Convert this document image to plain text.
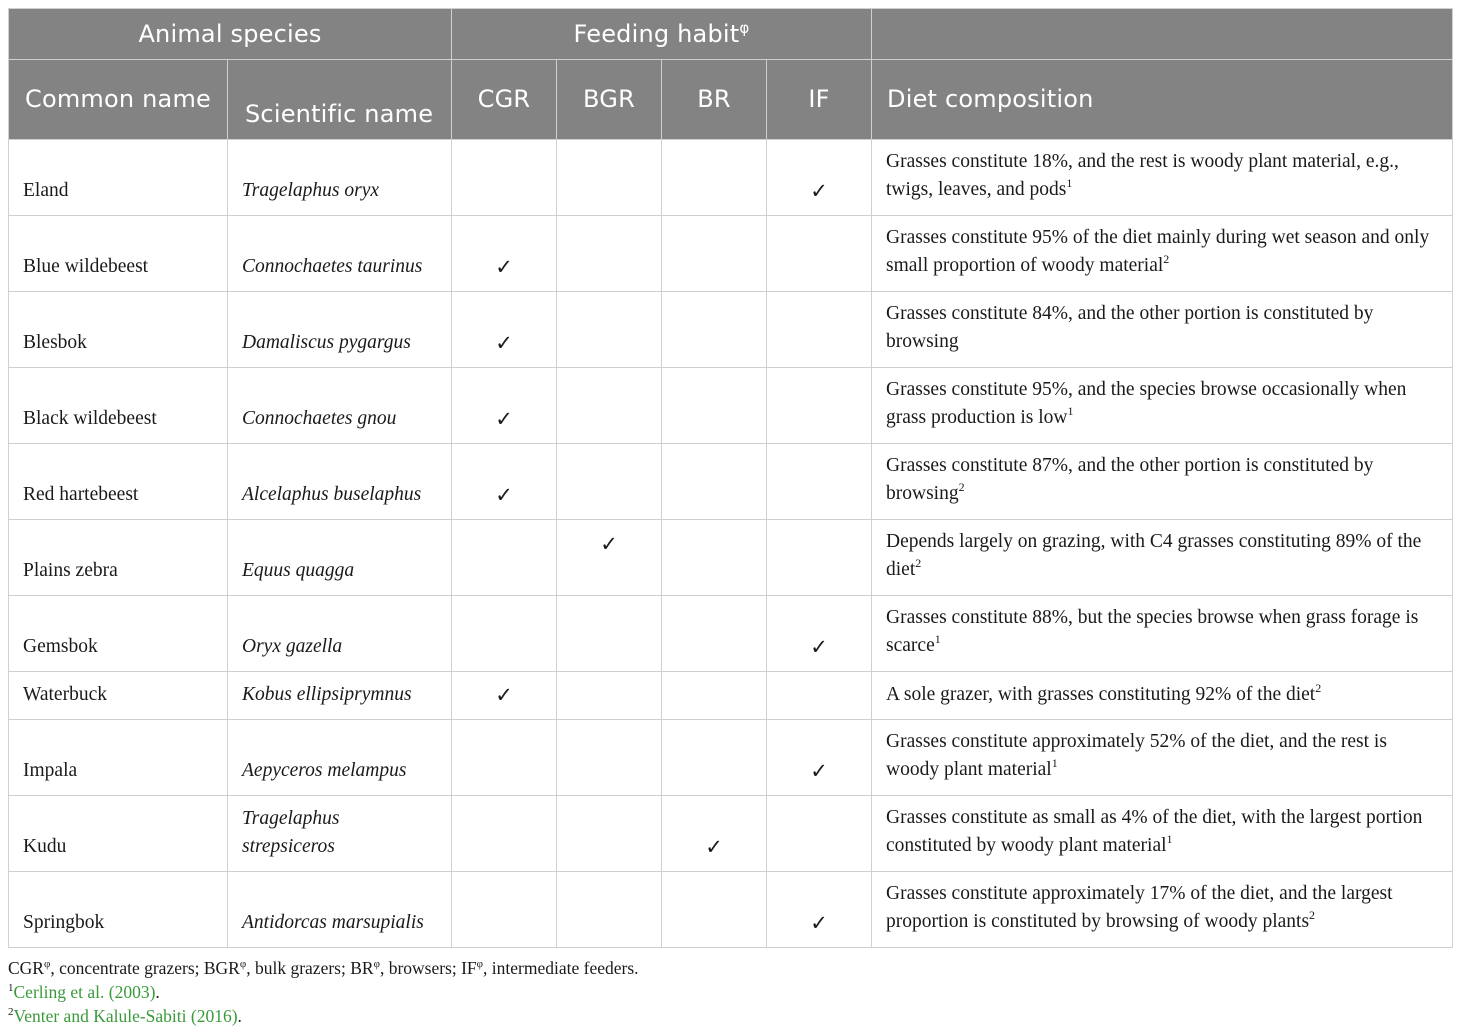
Animal species		Feeding habit$^\varphi$	
Common name	Scientific name	CGR	BGR	BR	IF	Diet composition
Eland	Tragelaphus oryx				✓	Grasses constitute 18%, and the rest is woody plant material, e.g., twigs, leaves, and pods$^1$
Blue wildebeest	Connochaetes taurinus	✓				Grasses constitute 95% of the diet mainly during wet season and only small proportion of woody material$^2$
Blesbok	Damaliscus pygargus	✓				Grasses constitute 84%, and the other portion is constituted by browsing
Black wildebeest	Connochaetes gnou	✓				Grasses constitute 95%, and the species browse occasionally when grass production is low$^1$
Red hartebeest	Alcelaphus buselaphus	✓				Grasses constitute 87%, and the other portion is constituted by browsing$^2$
Plains zebra	Equus quagga		✓			Depends largely on grazing, with C4 grasses constituting 89% of the diet$^2$
Gemsbok	Oryx gazella				✓	Grasses constitute 88%, but the species browse when grass forage is scarce$^1$
Waterbuck	Kobus ellipsiprymnus	✓				A sole grazer, with grasses constituting 92% of the diet$^2$
Impala	Aepyceros melampus				✓	Grasses constitute approximately 52% of the diet, and the rest is woody plant material$^1$
Kudu	Tragelaphus strepsiceros			✓		Grasses constitute as small as 4% of the diet, with the largest portion constituted by woody plant material$^1$
Springbok	Antidorcas marsupialis				✓	Grasses constitute approximately 17% of the diet, and the largest proportion is constituted by browsing of woody plants$^2$
$CGR^\varphi$, concentrate grazers; $BGR^\varphi$, bulk grazers; $BR^\varphi$, browsers; $IF^\varphi$, intermediate feeders.
$^1$Cerling et al. (2003).
$^2$Venter and Kalule-Sabiti (2016).
